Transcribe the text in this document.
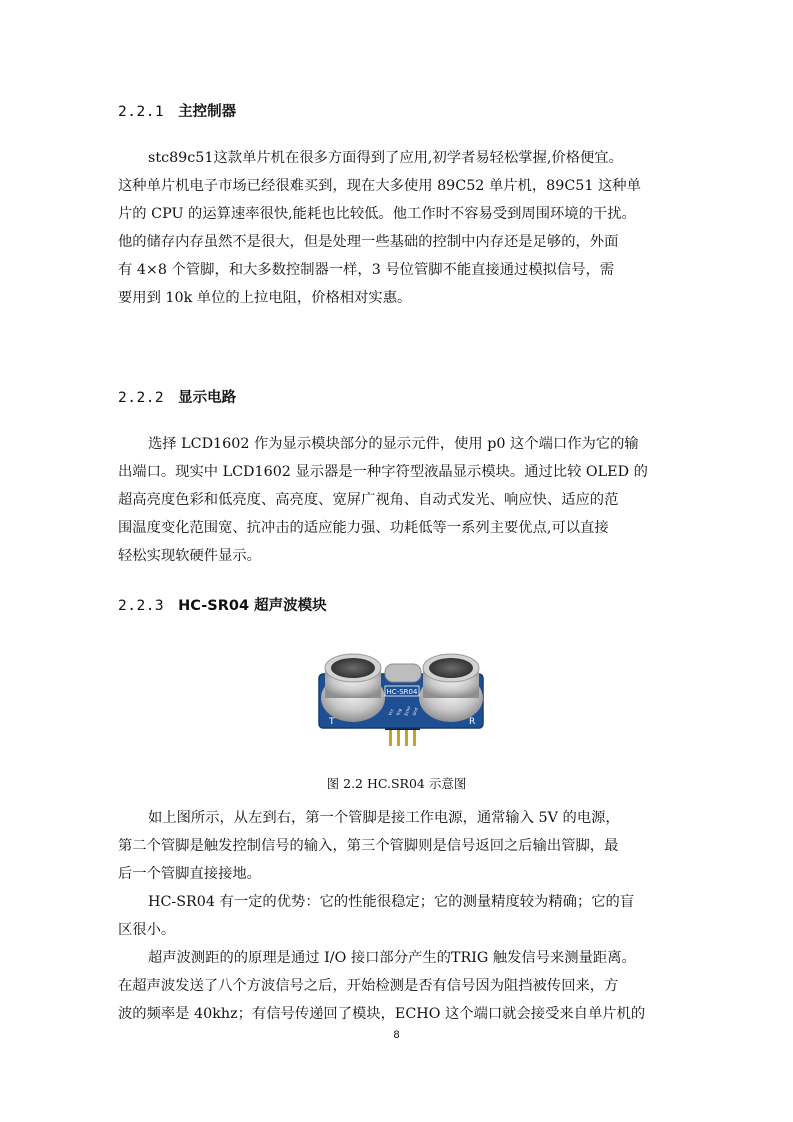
2.2.1 主控制器
stc89c51这款单片机在很多方面得到了应用,初学者易轻松掌握,价格便宜。
这种单片机电子市场已经很难买到，现在大多使用 89C52 单片机，89C51 这种单
片的 CPU 的运算速率很快,能耗也比较低。他工作时不容易受到周围环境的干扰。
他的储存内存虽然不是很大，但是处理一些基础的控制中内存还是足够的，外面
有 4×8 个管脚，和大多数控制器一样，3 号位管脚不能直接通过模拟信号，需
要用到 10k 单位的上拉电阻，价格相对实惠。
2.2.2 显示电路
选择 LCD1602 作为显示模块部分的显示元件，使用 p0 这个端口作为它的输
出端口。现实中 LCD1602 显示器是一种字符型液晶显示模块。通过比较 OLED 的
超高亮度色彩和低亮度、高亮度、宽屏广视角、自动式发光、响应快、适应的范
围温度变化范围宽、抗冲击的适应能力强、功耗低等一系列主要优点,可以直接
轻松实现软硬件显示。
2.2.3 HC-SR04 超声波模块
HC-SR04
Vcc Trig Echo Gnd
T	R
图 2.2 HC.SR04 示意图
如上图所示，从左到右，第一个管脚是接工作电源，通常输入 5V 的电源，
第二个管脚是触发控制信号的输入，第三个管脚则是信号返回之后输出管脚，最
后一个管脚直接接地。
HC-SR04 有一定的优势：它的性能很稳定；它的测量精度较为精确；它的盲
区很小。
超声波测距的的原理是通过 I/O 接口部分产生的TRIG 触发信号来测量距离。
在超声波发送了八个方波信号之后，开始检测是否有信号因为阻挡被传回来，方
波的频率是 40khz；有信号传递回了模块，ECHO 这个端口就会接受来自单片机的
8
